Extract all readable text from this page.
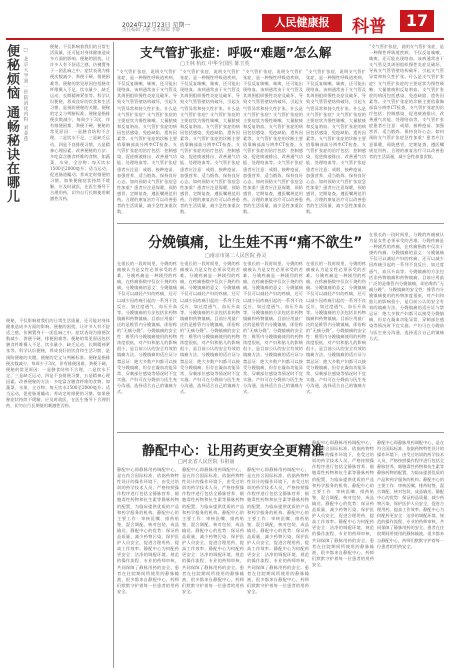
2024年12月23日 星期一
责任编辑 王静 美术编辑 李静
人民健康报	科普	17
便秘烦恼 通畅秘诀在哪儿 □ 北京大学第一医院消化内科 刘金莲
便秘，不仅影响着我们的日常生活质量，还可能对身体健康造成多方面的影响。便秘的困扰，让许多人有不舒适之感，仿佛置身于一团乱麻之中。症状表现为排便次数减少、粪便干硬、排便困难等。便秘的常见原因包括膳食纤维摄入不足、饮水量少、缺乏运动、长期精神紧张等。科学认识便秘，养成良好的饮食和生活习惯，是预防便秘的关键。便秘的定义与判断标准。便秘是指排便次数减少，每周少于3次，伴有排便困难、粪便干硬。便秘的常见原因：一是膳食结构不合理，二是饮水不足，三是缺乏运动，四是不良排便习惯，五是精神心理因素。改善便秘的方法：多吃富含膳食纤维的食物，如蔬菜、水果、全谷物；每天饮水1500至2000毫升；适当运动，促进肠道蠕动；养成定时排便的习惯。如果便秘症状持续不缓解，应及时就医，在医生指导下合理用药，切勿自行长期使用刺激性泻药。
便秘，不仅影响着我们的日常生活质量，还可能对身体健康造成多方面的影响。便秘的困扰，让许多人有不舒适之感，仿佛置身于一团乱麻之中。症状表现为排便次数减少、粪便干硬、排便困难等。便秘的常见原因包括膳食纤维摄入不足、饮水量少、缺乏运动、长期精神紧张等。科学认识便秘，养成良好的饮食和生活习惯，是预防便秘的关键。便秘的定义与判断标准。便秘是指排便次数减少，每周少于3次，伴有排便困难、粪便干硬。便秘的常见原因：一是膳食结构不合理，二是饮水不足，三是缺乏运动，四是不良排便习惯，五是精神心理因素。改善便秘的方法：多吃富含膳食纤维的食物，如蔬菜、水果、全谷物；每天饮水1500至2000毫升；适当运动，促进肠道蠕动；养成定时排便的习惯。如果便秘症状持续不缓解，应及时就医，在医生指导下合理用药，切勿自行长期使用刺激性泻药。
支气管扩张症：呼吸“难题”怎么解
□王林 杭红 中华全国医 陈玉英
“支气管扩张症，说明支气管扩张症，是一种慢性呼吸道疾病，不仅反复咳嗽、咳痰，还可能出现咯血。该病通常由于支气管及其周围组织慢性炎症及破坏，导致支气管管壁结构破坏，引起支气管异常和持久性扩张。什么是支气管扩张症？支气管扩张症的主要症状为慢性咳嗽、大量脓痰和反复咯血。支气管扩张症的病因包括感染、免疫缺陷、遗传因素等。支气管扩张症的诊断主要依靠胸部高分辨率CT检查。支气管扩张症的治疗包括：控制感染、促进痰液排出、改善通气功能、处理咯血等。支气管扩张症患者应注意：戒烟、接种疫苗、加强营养、适当锻炼、保持良好心态。如何预防支气管扩张症急性加重？患者应注意保暖，预防感冒，定期复查，遵医嘱规范用药。合理的康复治疗可以改善患者的生活质量，减少急性加重次数。
“支气管扩张症，说明支气管扩张症，是一种慢性呼吸道疾病，不仅反复咳嗽、咳痰，还可能出现咯血。该病通常由于支气管及其周围组织慢性炎症及破坏，导致支气管管壁结构破坏，引起支气管异常和持久性扩张。什么是支气管扩张症？支气管扩张症的主要症状为慢性咳嗽、大量脓痰和反复咯血。支气管扩张症的病因包括感染、免疫缺陷、遗传因素等。支气管扩张症的诊断主要依靠胸部高分辨率CT检查。支气管扩张症的治疗包括：控制感染、促进痰液排出、改善通气功能、处理咯血等。支气管扩张症患者应注意：戒烟、接种疫苗、加强营养、适当锻炼、保持良好心态。如何预防支气管扩张症急性加重？患者应注意保暖，预防感冒，定期复查，遵医嘱规范用药。合理的康复治疗可以改善患者的生活质量，减少急性加重次数。
“支气管扩张症，说明支气管扩张症，是一种慢性呼吸道疾病，不仅反复咳嗽、咳痰，还可能出现咯血。该病通常由于支气管及其周围组织慢性炎症及破坏，导致支气管管壁结构破坏，引起支气管异常和持久性扩张。什么是支气管扩张症？支气管扩张症的主要症状为慢性咳嗽、大量脓痰和反复咯血。支气管扩张症的病因包括感染、免疫缺陷、遗传因素等。支气管扩张症的诊断主要依靠胸部高分辨率CT检查。支气管扩张症的治疗包括：控制感染、促进痰液排出、改善通气功能、处理咯血等。支气管扩张症患者应注意：戒烟、接种疫苗、加强营养、适当锻炼、保持良好心态。如何预防支气管扩张症急性加重？患者应注意保暖，预防感冒，定期复查，遵医嘱规范用药。合理的康复治疗可以改善患者的生活质量，减少急性加重次数。
“支气管扩张症，说明支气管扩张症，是一种慢性呼吸道疾病，不仅反复咳嗽、咳痰，还可能出现咯血。该病通常由于支气管及其周围组织慢性炎症及破坏，导致支气管管壁结构破坏，引起支气管异常和持久性扩张。什么是支气管扩张症？支气管扩张症的主要症状为慢性咳嗽、大量脓痰和反复咯血。支气管扩张症的病因包括感染、免疫缺陷、遗传因素等。支气管扩张症的诊断主要依靠胸部高分辨率CT检查。支气管扩张症的治疗包括：控制感染、促进痰液排出、改善通气功能、处理咯血等。支气管扩张症患者应注意：戒烟、接种疫苗、加强营养、适当锻炼、保持良好心态。如何预防支气管扩张症急性加重？患者应注意保暖，预防感冒，定期复查，遵医嘱规范用药。合理的康复治疗可以改善患者的生活质量，减少急性加重次数。
“支气管扩张症，说明支气管扩张症，是一种慢性呼吸道疾病，不仅反复咳嗽、咳痰，还可能出现咯血。该病通常由于支气管及其周围组织慢性炎症及破坏，导致支气管管壁结构破坏，引起支气管异常和持久性扩张。什么是支气管扩张症？支气管扩张症的主要症状为慢性咳嗽、大量脓痰和反复咯血。支气管扩张症的病因包括感染、免疫缺陷、遗传因素等。支气管扩张症的诊断主要依靠胸部高分辨率CT检查。支气管扩张症的治疗包括：控制感染、促进痰液排出、改善通气功能、处理咯血等。支气管扩张症患者应注意：戒烟、接种疫苗、加强营养、适当锻炼、保持良好心态。如何预防支气管扩张症急性加重？患者应注意保暖，预防感冒，定期复查，遵医嘱规范用药。合理的康复治疗可以改善患者的生活质量，减少急性加重次数。
分娩镇痛，让生娃不再“痛不欲生”
□南京市第二人民医院 孙灵
在很长的一段时间里，分娩的疼痛被认为是女性必须承受的苦难。分娩疼痛是一种剧烈的疼痛，在疼痛指数中仅次于烧灼伤痛。分娩镇痛的意义：分娩镇痛不仅可以减轻产妇的疼痛，还可以减少因疼痛引起的一系列不良反应，如过度通气、血压升高等。分娩镇痛的方法包括非药物镇痛和药物镇痛。目前应用最广泛的是椎管内分娩镇痛，即俗称的“无痛分娩”。分娩镇痛的安全性：椎管内分娩镇痛使用的药物浓度很低，对产妇和胎儿的影响很小，是目前公认的安全有效的镇痛方法。分娩镇痛的适应证与禁忌证：绝大多数产妇都可以接受分娩镇痛，但存在凝血功能异常、穿刺部位感染等情况时不宜实施。产妇可在分娩前与医生充分沟通，选择适合自己的镇痛方式。
在很长的一段时间里，分娩的疼痛被认为是女性必须承受的苦难。分娩疼痛是一种剧烈的疼痛，在疼痛指数中仅次于烧灼伤痛。分娩镇痛的意义：分娩镇痛不仅可以减轻产妇的疼痛，还可以减少因疼痛引起的一系列不良反应，如过度通气、血压升高等。分娩镇痛的方法包括非药物镇痛和药物镇痛。目前应用最广泛的是椎管内分娩镇痛，即俗称的“无痛分娩”。分娩镇痛的安全性：椎管内分娩镇痛使用的药物浓度很低，对产妇和胎儿的影响很小，是目前公认的安全有效的镇痛方法。分娩镇痛的适应证与禁忌证：绝大多数产妇都可以接受分娩镇痛，但存在凝血功能异常、穿刺部位感染等情况时不宜实施。产妇可在分娩前与医生充分沟通，选择适合自己的镇痛方式。
在很长的一段时间里，分娩的疼痛被认为是女性必须承受的苦难。分娩疼痛是一种剧烈的疼痛，在疼痛指数中仅次于烧灼伤痛。分娩镇痛的意义：分娩镇痛不仅可以减轻产妇的疼痛，还可以减少因疼痛引起的一系列不良反应，如过度通气、血压升高等。分娩镇痛的方法包括非药物镇痛和药物镇痛。目前应用最广泛的是椎管内分娩镇痛，即俗称的“无痛分娩”。分娩镇痛的安全性：椎管内分娩镇痛使用的药物浓度很低，对产妇和胎儿的影响很小，是目前公认的安全有效的镇痛方法。分娩镇痛的适应证与禁忌证：绝大多数产妇都可以接受分娩镇痛，但存在凝血功能异常、穿刺部位感染等情况时不宜实施。产妇可在分娩前与医生充分沟通，选择适合自己的镇痛方式。
在很长的一段时间里，分娩的疼痛被认为是女性必须承受的苦难。分娩疼痛是一种剧烈的疼痛，在疼痛指数中仅次于烧灼伤痛。分娩镇痛的意义：分娩镇痛不仅可以减轻产妇的疼痛，还可以减少因疼痛引起的一系列不良反应，如过度通气、血压升高等。分娩镇痛的方法包括非药物镇痛和药物镇痛。目前应用最广泛的是椎管内分娩镇痛，即俗称的“无痛分娩”。分娩镇痛的安全性：椎管内分娩镇痛使用的药物浓度很低，对产妇和胎儿的影响很小，是目前公认的安全有效的镇痛方法。分娩镇痛的适应证与禁忌证：绝大多数产妇都可以接受分娩镇痛，但存在凝血功能异常、穿刺部位感染等情况时不宜实施。产妇可在分娩前与医生充分沟通，选择适合自己的镇痛方式。
在很长的一段时间里，分娩的疼痛被认为是女性必须承受的苦难。分娩疼痛是一种剧烈的疼痛，在疼痛指数中仅次于烧灼伤痛。分娩镇痛的意义：分娩镇痛不仅可以减轻产妇的疼痛，还可以减少因疼痛引起的一系列不良反应，如过度通气、血压升高等。分娩镇痛的方法包括非药物镇痛和药物镇痛。目前应用最广泛的是椎管内分娩镇痛，即俗称的“无痛分娩”。分娩镇痛的安全性：椎管内分娩镇痛使用的药物浓度很低，对产妇和胎儿的影响很小，是目前公认的安全有效的镇痛方法。分娩镇痛的适应证与禁忌证：绝大多数产妇都可以接受分娩镇痛，但存在凝血功能异常、穿刺部位感染等情况时不宜实施。产妇可在分娩前与医生充分沟通，选择适合自己的镇痛方式。
静配中心：让用药更安全更精准
□河北省人民医院 韦祖丽
静配中心即静脉用药调配中心，是在符合国际标准、依据药物特性设计的操作环境下，由受过培训的药学技术人员，严格按照操作程序进行包括全静脉营养、细胞毒性药物和抗生素等静脉药物的配置，为临床提供优质的产品和药学服务的机构。静配中心的主要工作：审核医嘱、排药贴签、混合调配、核对包装、成品输送。静配中心的优势：保证药品质量，减少药物污染，保护医护人员安全，促进合理用药，提高工作效率。静配中心为何配药更安全：洁净的调配环境、规范的操作流程、专业的药师审核，共同保障了静脉用药的安全。患者在住院期间所使用的静脉输液，很多都来自静配中心，药师们默默守护着每一位患者的用药安全。
静配中心即静脉用药调配中心，是在符合国际标准、依据药物特性设计的操作环境下，由受过培训的药学技术人员，严格按照操作程序进行包括全静脉营养、细胞毒性药物和抗生素等静脉药物的配置，为临床提供优质的产品和药学服务的机构。静配中心的主要工作：审核医嘱、排药贴签、混合调配、核对包装、成品输送。静配中心的优势：保证药品质量，减少药物污染，保护医护人员安全，促进合理用药，提高工作效率。静配中心为何配药更安全：洁净的调配环境、规范的操作流程、专业的药师审核，共同保障了静脉用药的安全。患者在住院期间所使用的静脉输液，很多都来自静配中心，药师们默默守护着每一位患者的用药安全。
静配中心即静脉用药调配中心，是在符合国际标准、依据药物特性设计的操作环境下，由受过培训的药学技术人员，严格按照操作程序进行包括全静脉营养、细胞毒性药物和抗生素等静脉药物的配置，为临床提供优质的产品和药学服务的机构。静配中心的主要工作：审核医嘱、排药贴签、混合调配、核对包装、成品输送。静配中心的优势：保证药品质量，减少药物污染，保护医护人员安全，促进合理用药，提高工作效率。静配中心为何配药更安全：洁净的调配环境、规范的操作流程、专业的药师审核，共同保障了静脉用药的安全。患者在住院期间所使用的静脉输液，很多都来自静配中心，药师们默默守护着每一位患者的用药安全。
静配中心即静脉用药调配中心，是在符合国际标准、依据药物特性设计的操作环境下，由受过培训的药学技术人员，严格按照操作程序进行包括全静脉营养、细胞毒性药物和抗生素等静脉药物的配置，为临床提供优质的产品和药学服务的机构。静配中心的主要工作：审核医嘱、排药贴签、混合调配、核对包装、成品输送。静配中心的优势：保证药品质量，减少药物污染，保护医护人员安全，促进合理用药，提高工作效率。静配中心为何配药更安全：洁净的调配环境、规范的操作流程、专业的药师审核，共同保障了静脉用药的安全。患者在住院期间所使用的静脉输液，很多都来自静配中心，药师们默默守护着每一位患者的用药安全。
静配中心即静脉用药调配中心，是在符合国际标准、依据药物特性设计的操作环境下，由受过培训的药学技术人员，严格按照操作程序进行包括全静脉营养、细胞毒性药物和抗生素等静脉药物的配置，为临床提供优质的产品和药学服务的机构。静配中心的主要工作：审核医嘱、排药贴签、混合调配、核对包装、成品输送。静配中心的优势：保证药品质量，减少药物污染，保护医护人员安全，促进合理用药，提高工作效率。静配中心为何配药更安全：洁净的调配环境、规范的操作流程、专业的药师审核，共同保障了静脉用药的安全。患者在住院期间所使用的静脉输液，很多都来自静配中心，药师们默默守护着每一位患者的用药安全。
